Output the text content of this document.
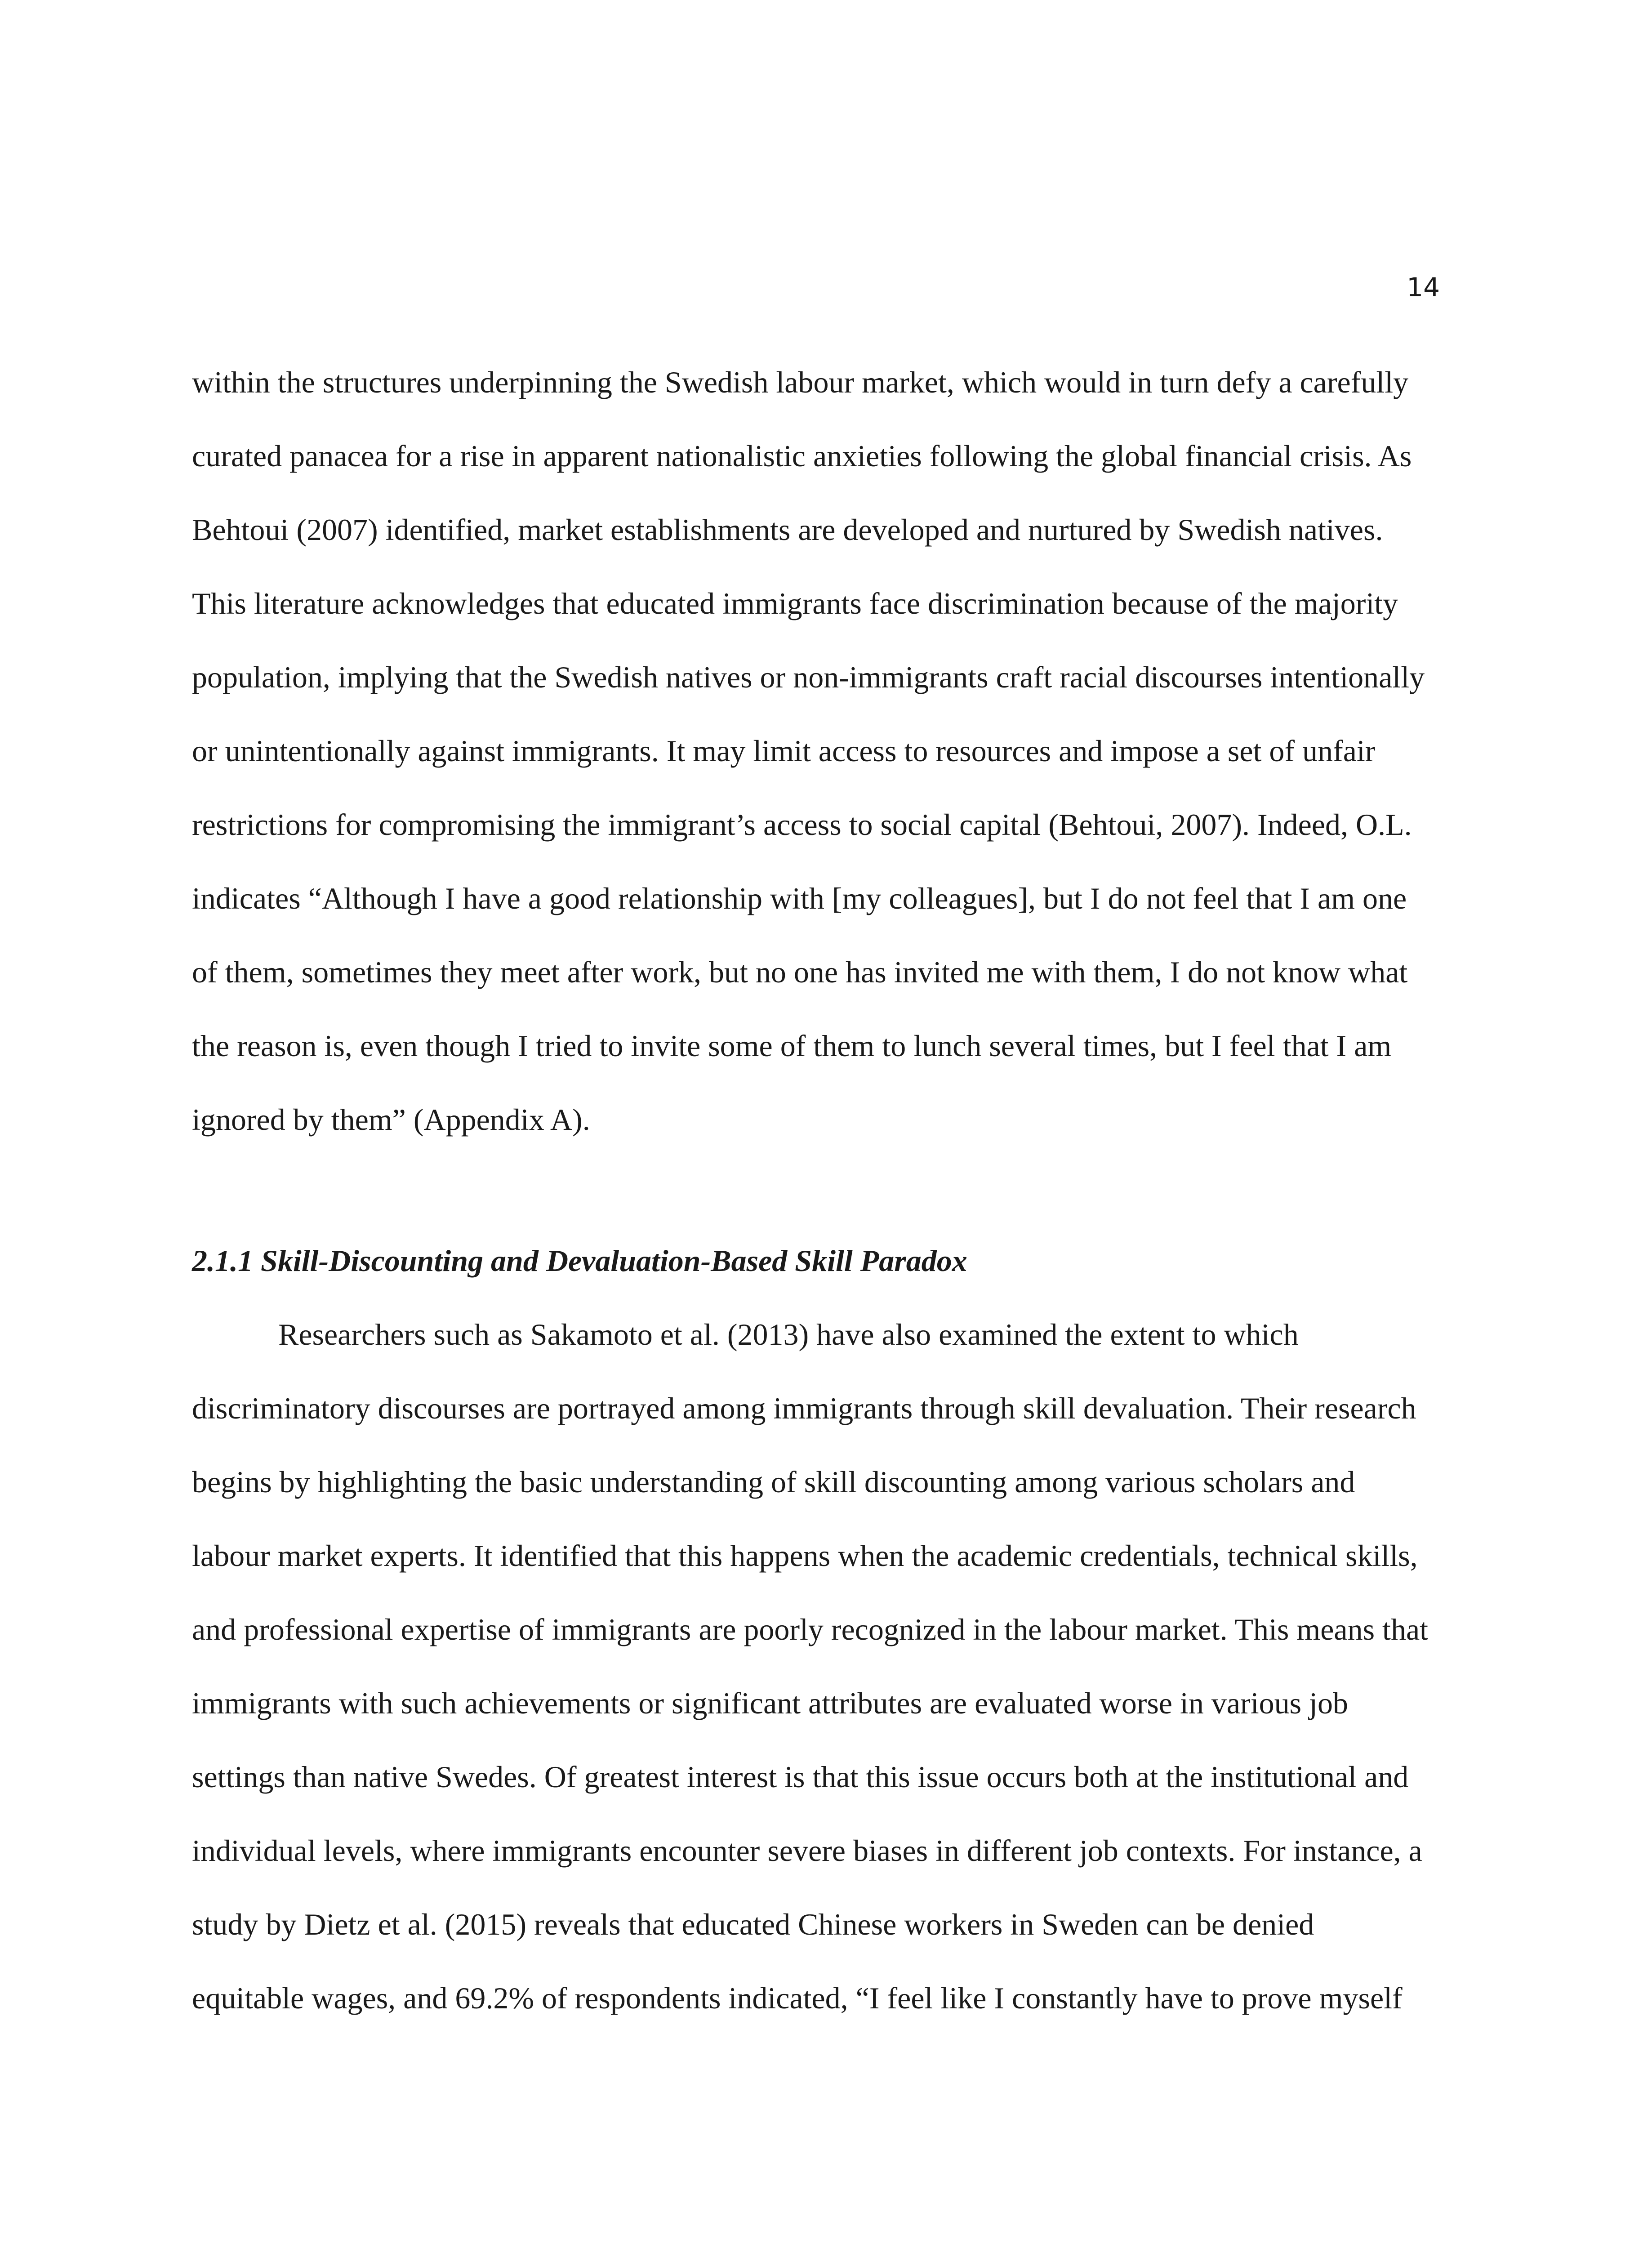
14
within the structures underpinning the Swedish labour market, which would in turn defy a carefully
curated panacea for a rise in apparent nationalistic anxieties following the global financial crisis. As
Behtoui (2007) identified, market establishments are developed and nurtured by Swedish natives.
This literature acknowledges that educated immigrants face discrimination because of the majority
population, implying that the Swedish natives or non-immigrants craft racial discourses intentionally
or unintentionally against immigrants. It may limit access to resources and impose a set of unfair
restrictions for compromising the immigrant’s access to social capital (Behtoui, 2007). Indeed, O.L.
indicates “Although I have a good relationship with [my colleagues], but I do not feel that I am one
of them, sometimes they meet after work, but no one has invited me with them, I do not know what
the reason is, even though I tried to invite some of them to lunch several times, but I feel that I am
ignored by them” (Appendix A).
2.1.1 Skill-Discounting and Devaluation-Based Skill Paradox
Researchers such as Sakamoto et al. (2013) have also examined the extent to which
discriminatory discourses are portrayed among immigrants through skill devaluation. Their research
begins by highlighting the basic understanding of skill discounting among various scholars and
labour market experts. It identified that this happens when the academic credentials, technical skills,
and professional expertise of immigrants are poorly recognized in the labour market. This means that
immigrants with such achievements or significant attributes are evaluated worse in various job
settings than native Swedes. Of greatest interest is that this issue occurs both at the institutional and
individual levels, where immigrants encounter severe biases in different job contexts. For instance, a
study by Dietz et al. (2015) reveals that educated Chinese workers in Sweden can be denied
equitable wages, and 69.2% of respondents indicated, “I feel like I constantly have to prove myself
